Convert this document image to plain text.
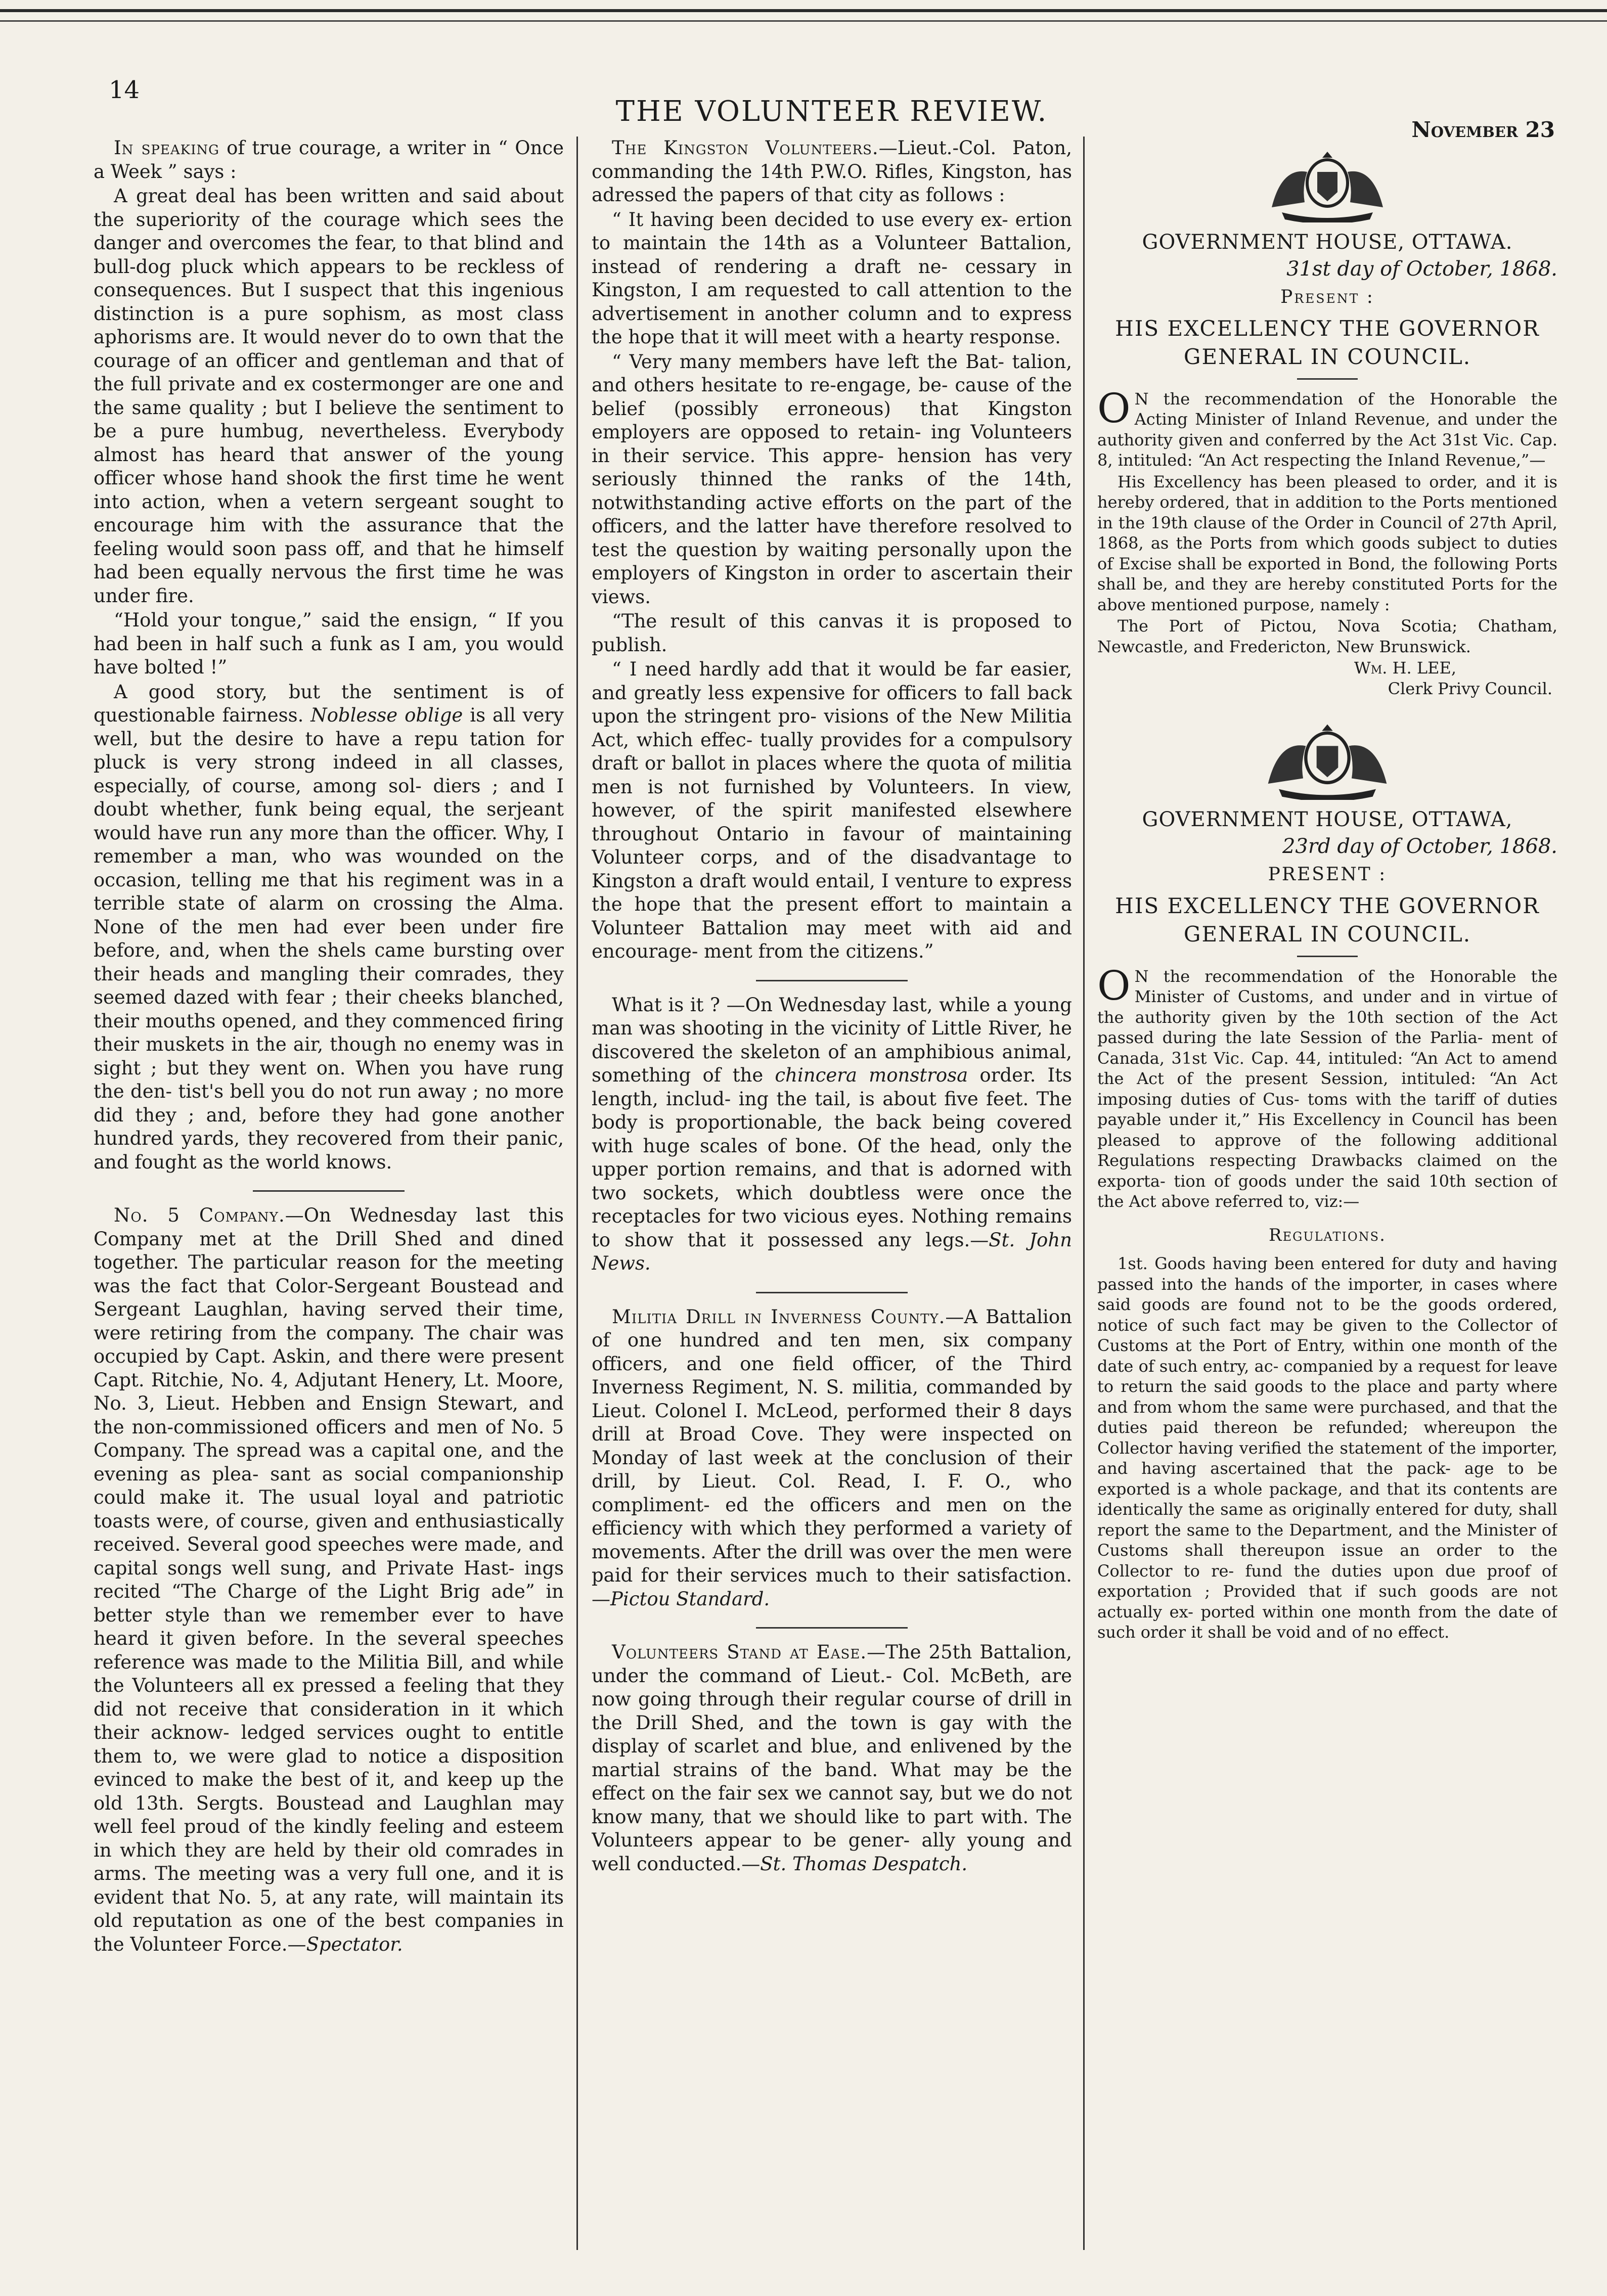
14
THE VOLUNTEER REVIEW.
November 23

In speaking of true courage, a writer in “ Once a Week ” says :

A great deal has been written and said about the superiority of the courage which sees the danger and overcomes the fear, to that blind and bull-dog pluck which appears to be reckless of consequences. But I suspect that this ingenious distinction is a pure sophism, as most class aphorisms are. It would never do to own that the courage of an officer and gentleman and that of the full private and ex costermonger are one and the same quality ; but I believe the sentiment to be a pure humbug, nevertheless. Everybody almost has heard that answer of the young officer whose hand shook the first time he went into action, when a vetern sergeant sought to encourage him with the assurance that the feeling would soon pass off, and that he himself had been equally nervous the first time he was under fire.

“Hold your tongue,” said the ensign, “ If you had been in half such a funk as I am, you would have bolted !”

A good story, but the sentiment is of questionable fairness. Noblesse oblige is all very well, but the desire to have a repu tation for pluck is very strong indeed in all classes, especially, of course, among sol- diers ; and I doubt whether, funk being equal, the serjeant would have run any more than the officer. Why, I remember a man, who was wounded on the occasion, telling me that his regiment was in a terrible state of alarm on crossing the Alma. None of the men had ever been under fire before, and, when the shels came bursting over their heads and mangling their comrades, they seemed dazed with fear ; their cheeks blanched, their mouths opened, and they commenced firing their muskets in the air, though no enemy was in sight ; but they went on. When you have rung the den- tist's bell you do not run away ; no more did they ; and, before they had gone another hundred yards, they recovered from their panic, and fought as the world knows.

No. 5 Company.—On Wednesday last this Company met at the Drill Shed and dined together. The particular reason for the meeting was the fact that Color-Sergeant Boustead and Sergeant Laughlan, having served their time, were retiring from the company. The chair was occupied by Capt. Askin, and there were present Capt. Ritchie, No. 4, Adjutant Henery, Lt. Moore, No. 3, Lieut. Hebben and Ensign Stewart, and the non-commissioned officers and men of No. 5 Company. The spread was a capital one, and the evening as plea- sant as social companionship could make it. The usual loyal and patriotic toasts were, of course, given and enthusiastically received. Several good speeches were made, and capital songs well sung, and Private Hast- ings recited “The Charge of the Light Brig ade” in better style than we remember ever to have heard it given before. In the several speeches reference was made to the Militia Bill, and while the Volunteers all ex pressed a feeling that they did not receive that consideration in it which their acknow- ledged services ought to entitle them to, we were glad to notice a disposition evinced to make the best of it, and keep up the old 13th. Sergts. Boustead and Laughlan may well feel proud of the kindly feeling and esteem in which they are held by their old comrades in arms. The meeting was a very full one, and it is evident that No. 5, at any rate, will maintain its old reputation as one of the best companies in the Volunteer Force.—Spectator.

The Kingston Volunteers.—Lieut.-Col. Paton, commanding the 14th P.W.O. Rifles, Kingston, has adressed the papers of that city as follows :

“ It having been decided to use every ex- ertion to maintain the 14th as a Volunteer Battalion, instead of rendering a draft ne- cessary in Kingston, I am requested to call attention to the advertisement in another column and to express the hope that it will meet with a hearty response.

“ Very many members have left the Bat- talion, and others hesitate to re-engage, be- cause of the belief (possibly erroneous) that Kingston employers are opposed to retain- ing Volunteers in their service. This appre- hension has very seriously thinned the ranks of the 14th, notwithstanding active efforts on the part of the officers, and the latter have therefore resolved to test the question by waiting personally upon the employers of Kingston in order to ascertain their views.

“The result of this canvas it is proposed to publish.

“ I need hardly add that it would be far easier, and greatly less expensive for officers to fall back upon the stringent pro- visions of the New Militia Act, which effec- tually provides for a compulsory draft or ballot in places where the quota of militia men is not furnished by Volunteers. In view, however, of the spirit manifested elsewhere throughout Ontario in favour of maintaining Volunteer corps, and of the disadvantage to Kingston a draft would entail, I venture to express the hope that the present effort to maintain a Volunteer Battalion may meet with aid and encourage- ment from the citizens.”

What is it ? —On Wednesday last, while a young man was shooting in the vicinity of Little River, he discovered the skeleton of an amphibious animal, something of the chincera monstrosa order. Its length, includ- ing the tail, is about five feet. The body is proportionable, the back being covered with huge scales of bone. Of the head, only the upper portion remains, and that is adorned with two sockets, which doubtless were once the receptacles for two vicious eyes. Nothing remains to show that it possessed any legs.—St. John News.

Militia Drill in Inverness County.—A Battalion of one hundred and ten men, six company officers, and one field officer, of the Third Inverness Regiment, N. S. militia, commanded by Lieut. Colonel I. McLeod, performed their 8 days drill at Broad Cove. They were inspected on Monday of last week at the conclusion of their drill, by Lieut. Col. Read, I. F. O., who compliment- ed the officers and men on the efficiency with which they performed a variety of movements. After the drill was over the men were paid for their services much to their satisfaction.—Pictou Standard.

Volunteers Stand at Ease.—The 25th Battalion, under the command of Lieut.- Col. McBeth, are now going through their regular course of drill in the Drill Shed, and the town is gay with the display of scarlet and blue, and enlivened by the martial strains of the band. What may be the effect on the fair sex we cannot say, but we do not know many, that we should like to part with. The Volunteers appear to be gener- ally young and well conducted.—St. Thomas Despatch.

GOVERNMENT HOUSE, OTTAWA.
31st day of October, 1868.
Present :
HIS EXCELLENCY THE GOVERNOR GENERAL IN COUNCIL.

O N the recommendation of the Honorable the Acting Minister of Inland Revenue, and under the authority given and conferred by the Act 31st Vic. Cap. 8, intituled: “An Act respecting the Inland Revenue,”—

His Excellency has been pleased to order, and it is hereby ordered, that in addition to the Ports mentioned in the 19th clause of the Order in Council of 27th April, 1868, as the Ports from which goods subject to duties of Excise shall be exported in Bond, the following Ports shall be, and they are hereby constituted Ports for the above mentioned purpose, namely :

The Port of Pictou, Nova Scotia; Chatham, Newcastle, and Fredericton, New Brunswick.

Wm. H. LEE,
Clerk Privy Council.
GOVERNMENT HOUSE, OTTAWA,
23rd day of October, 1868.
PRESENT :
HIS EXCELLENCY THE GOVERNOR GENERAL IN COUNCIL.

O N the recommendation of the Honorable the Minister of Customs, and under and in virtue of the authority given by the 10th section of the Act passed during the late Session of the Parlia- ment of Canada, 31st Vic. Cap. 44, intituled: “An Act to amend the Act of the present Session, intituled: “An Act imposing duties of Cus- toms with the tariff of duties payable under it,” His Excellency in Council has been pleased to approve of the following additional Regulations respecting Drawbacks claimed on the exporta- tion of goods under the said 10th section of the Act above referred to, viz:—

Regulations.

1st. Goods having been entered for duty and having passed into the hands of the importer, in cases where said goods are found not to be the goods ordered, notice of such fact may be given to the Collector of Customs at the Port of Entry, within one month of the date of such entry, ac- companied by a request for leave to return the said goods to the place and party where and from whom the same were purchased, and that the duties paid thereon be refunded; whereupon the Collector having verified the statement of the importer, and having ascertained that the pack- age to be exported is a whole package, and that its contents are identically the same as originally entered for duty, shall report the same to the Department, and the Minister of Customs shall thereupon issue an order to the Collector to re- fund the duties upon due proof of exportation ; Provided that if such goods are not actually ex- ported within one month from the date of such order it shall be void and of no effect.
